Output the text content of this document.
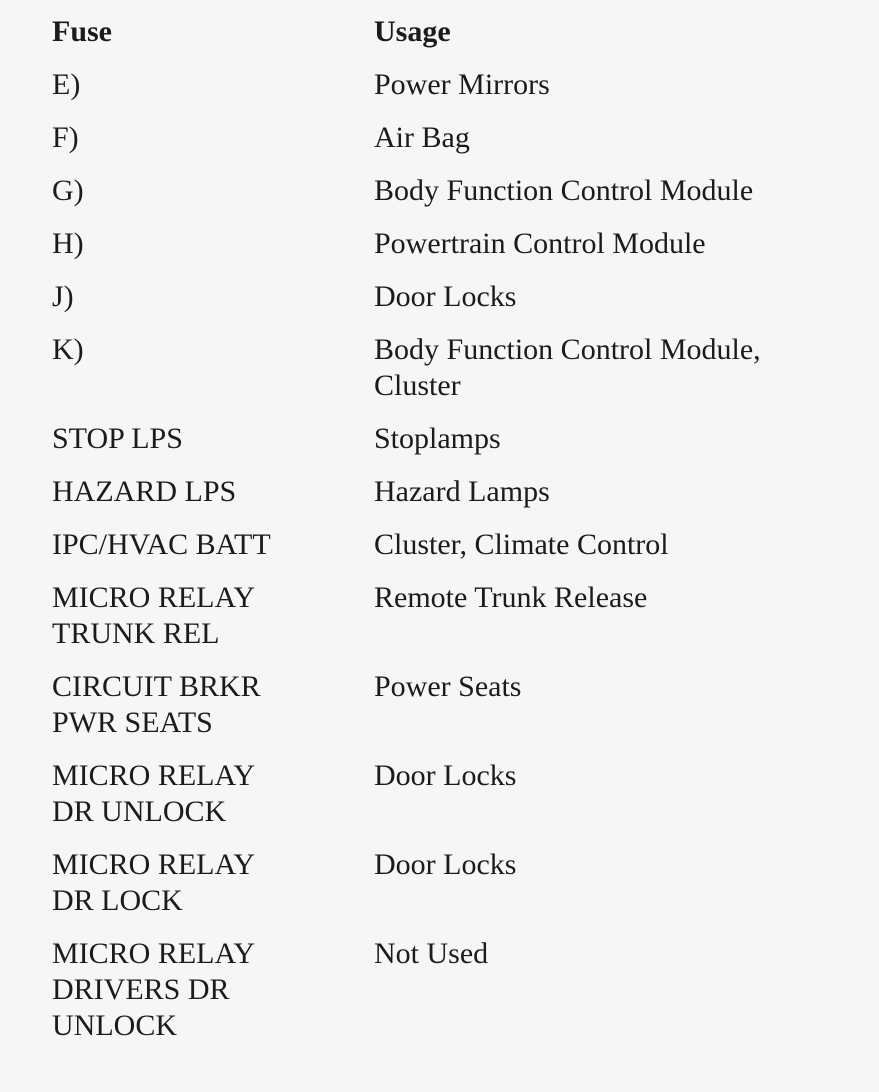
Fuse	Usage

E)	Power Mirrors

F)	Air Bag

G)	Body Function Control Module

H)	Powertrain Control Module

J)	Door Locks

K)	Body Function Control Module,
Cluster

STOP LPS	Stoplamps

HAZARD LPS	Hazard Lamps

IPC/HVAC BATT	Cluster, Climate Control

MICRO RELAY
TRUNK REL	Remote Trunk Release

CIRCUIT BRKR
PWR SEATS	Power Seats

MICRO RELAY
DR UNLOCK	Door Locks

MICRO RELAY
DR LOCK	Door Locks

MICRO RELAY
DRIVERS DR
UNLOCK	Not Used
